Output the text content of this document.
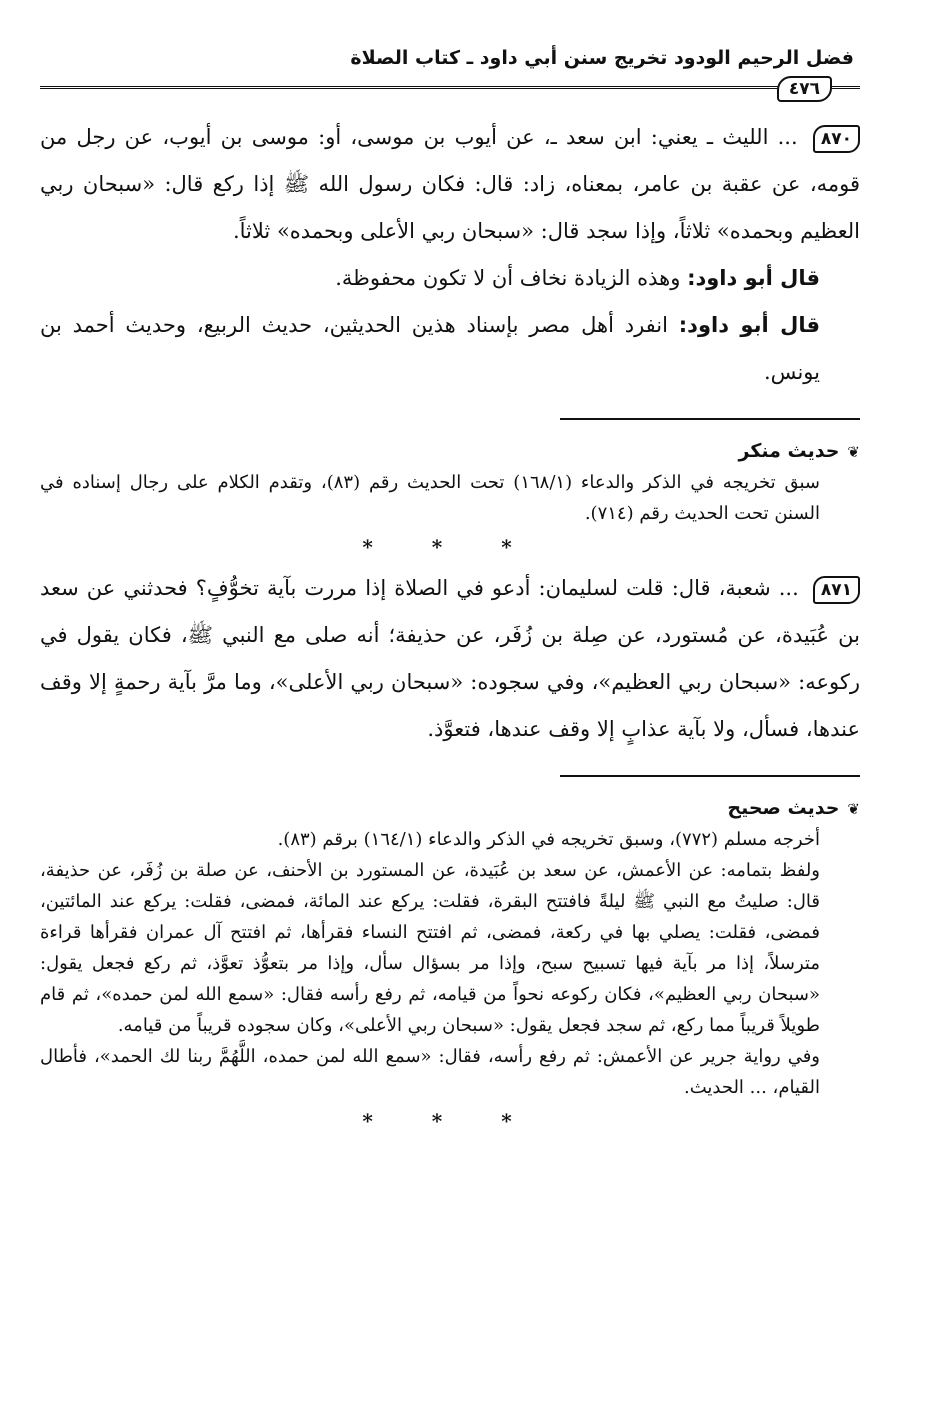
فضل الرحيم الودود تخريج سنن أبي داود ـ كتاب الصلاة
٤٧٦

٨٧٠ ... الليث ـ يعني: ابن سعد ـ، عن أيوب بن موسى، أو: موسى بن أيوب، عن رجل من قومه، عن عقبة بن عامر، بمعناه، زاد: قال: فكان رسول الله ﷺ إذا ركع قال: «سبحان ربي العظيم وبحمده» ثلاثاً، وإذا سجد قال: «سبحان ربي الأعلى وبحمده» ثلاثاً.

قال أبو داود: وهذه الزيادة نخاف أن لا تكون محفوظة.

قال أبو داود: انفرد أهل مصر بإسناد هذين الحديثين، حديث الربيع، وحديث أحمد بن يونس.

❦حديث منكر

سبق تخريجه في الذكر والدعاء (١٦٨/١) تحت الحديث رقم (٨٣)، وتقدم الكلام على رجال إسناده في السنن تحت الحديث رقم (٧١٤).

* * *

٨٧١ ... شعبة، قال: قلت لسليمان: أدعو في الصلاة إذا مررت بآية تخوُّفٍ؟ فحدثني عن سعد بن عُبَيدة، عن مُستورد، عن صِلة بن زُفَر، عن حذيفة؛ أنه صلى مع النبي ﷺ، فكان يقول في ركوعه: «سبحان ربي العظيم»، وفي سجوده: «سبحان ربي الأعلى»، وما مرَّ بآية رحمةٍ إلا وقف عندها، فسأل، ولا بآية عذابٍ إلا وقف عندها، فتعوَّذ.

❦حديث صحيح

أخرجه مسلم (٧٧٢)، وسبق تخريجه في الذكر والدعاء (١٦٤/١) برقم (٨٣).

ولفظ بتمامه: عن الأعمش، عن سعد بن عُبَيدة، عن المستورد بن الأحنف، عن صلة بن زُفَر، عن حذيفة، قال: صليتُ مع النبي ﷺ ليلةً فافتتح البقرة، فقلت: يركع عند المائة، فمضى، فقلت: يركع عند المائتين، فمضى، فقلت: يصلي بها في ركعة، فمضى، ثم افتتح النساء فقرأها، ثم افتتح آل عمران فقرأها قراءة مترسلاً، إذا مر بآية فيها تسبيح سبح، وإذا مر بسؤال سأل، وإذا مر بتعوُّذ تعوَّذ، ثم ركع فجعل يقول: «سبحان ربي العظيم»، فكان ركوعه نحواً من قيامه، ثم رفع رأسه فقال: «سمع الله لمن حمده»، ثم قام طويلاً قريباً مما ركع، ثم سجد فجعل يقول: «سبحان ربي الأعلى»، وكان سجوده قريباً من قيامه.

وفي رواية جرير عن الأعمش: ثم رفع رأسه، فقال: «سمع الله لمن حمده، اللَّهُمَّ ربنا لك الحمد»، فأطال القيام، ... الحديث.

* * *
